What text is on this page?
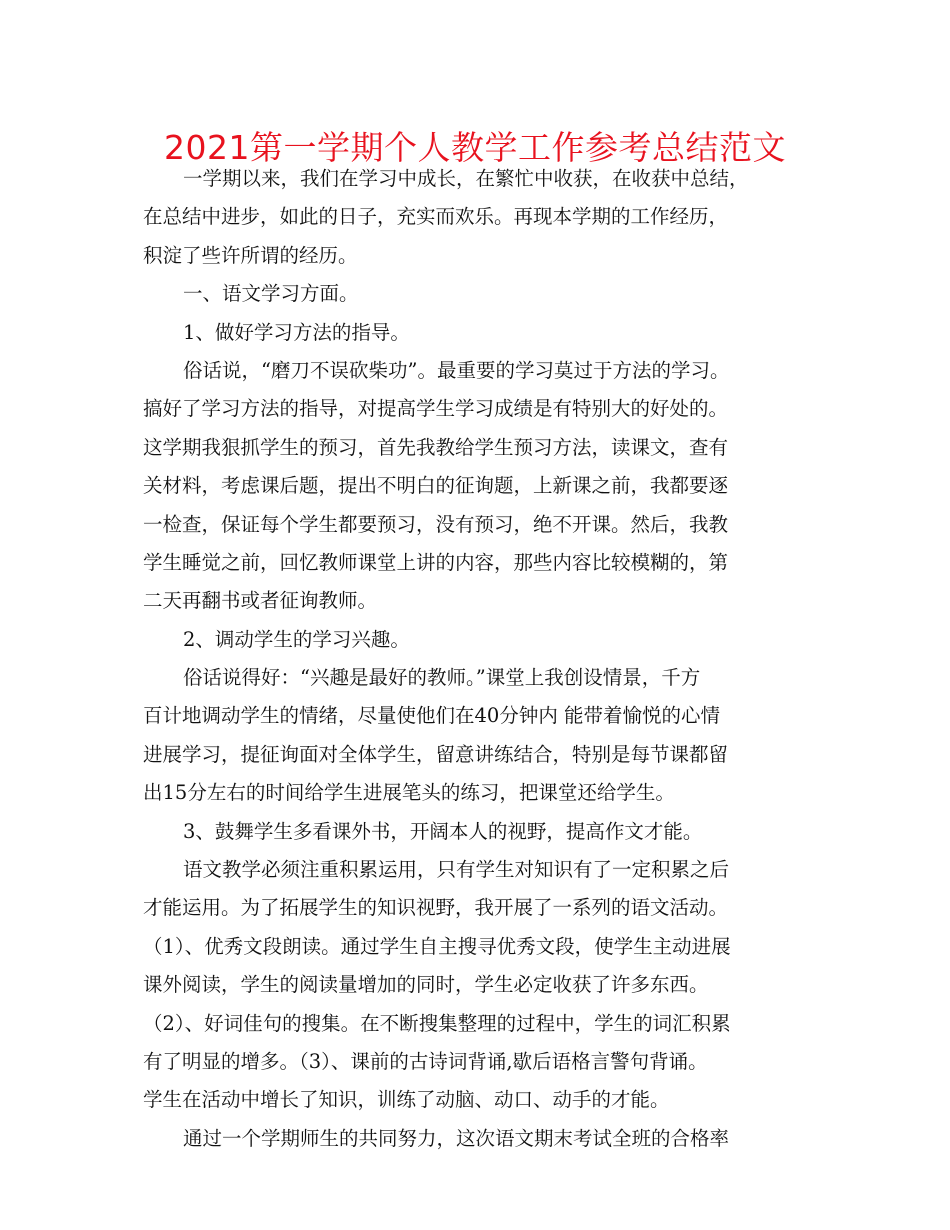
2021第一学期个人教学工作参考总结范文
一学期以来，我们在学习中成长，在繁忙中收获，在收获中总结，
在总结中进步，如此的日子，充实而欢乐。再现本学期的工作经历，
积淀了些许所谓的经历。
一、语文学习方面。
1、做好学习方法的指导。
俗话说，“磨刀不误砍柴功”。最重要的学习莫过于方法的学习。
搞好了学习方法的指导，对提高学生学习成绩是有特别大的好处的。
这学期我狠抓学生的预习，首先我教给学生预习方法，读课文，查有
关材料，考虑课后题，提出不明白的征询题，上新课之前，我都要逐
一检查，保证每个学生都要预习，没有预习，绝不开课。然后，我教
学生睡觉之前，回忆教师课堂上讲的内容，那些内容比较模糊的，第
二天再翻书或者征询教师。
2、调动学生的学习兴趣。
俗话说得好：“兴趣是最好的教师。”课堂上我创设情景，千方
百计地调动学生的情绪，尽量使他们在40分钟内 能带着愉悦的心情
进展学习，提征询面对全体学生，留意讲练结合，特别是每节课都留
出15分左右的时间给学生进展笔头的练习，把课堂还给学生。
3、鼓舞学生多看课外书，开阔本人的视野，提高作文才能。
语文教学必须注重积累运用，只有学生对知识有了一定积累之后
才能运用。为了拓展学生的知识视野，我开展了一系列的语文活动。
（1）、优秀文段朗读。通过学生自主搜寻优秀文段，使学生主动进展
课外阅读，学生的阅读量增加的同时，学生必定收获了许多东西。
（2）、好词佳句的搜集。在不断搜集整理的过程中，学生的词汇积累
有了明显的增多。（3）、课前的古诗词背诵,歇后语格言警句背诵。
学生在活动中增长了知识，训练了动脑、动口、动手的才能。
通过一个学期师生的共同努力，这次语文期末考试全班的合格率
